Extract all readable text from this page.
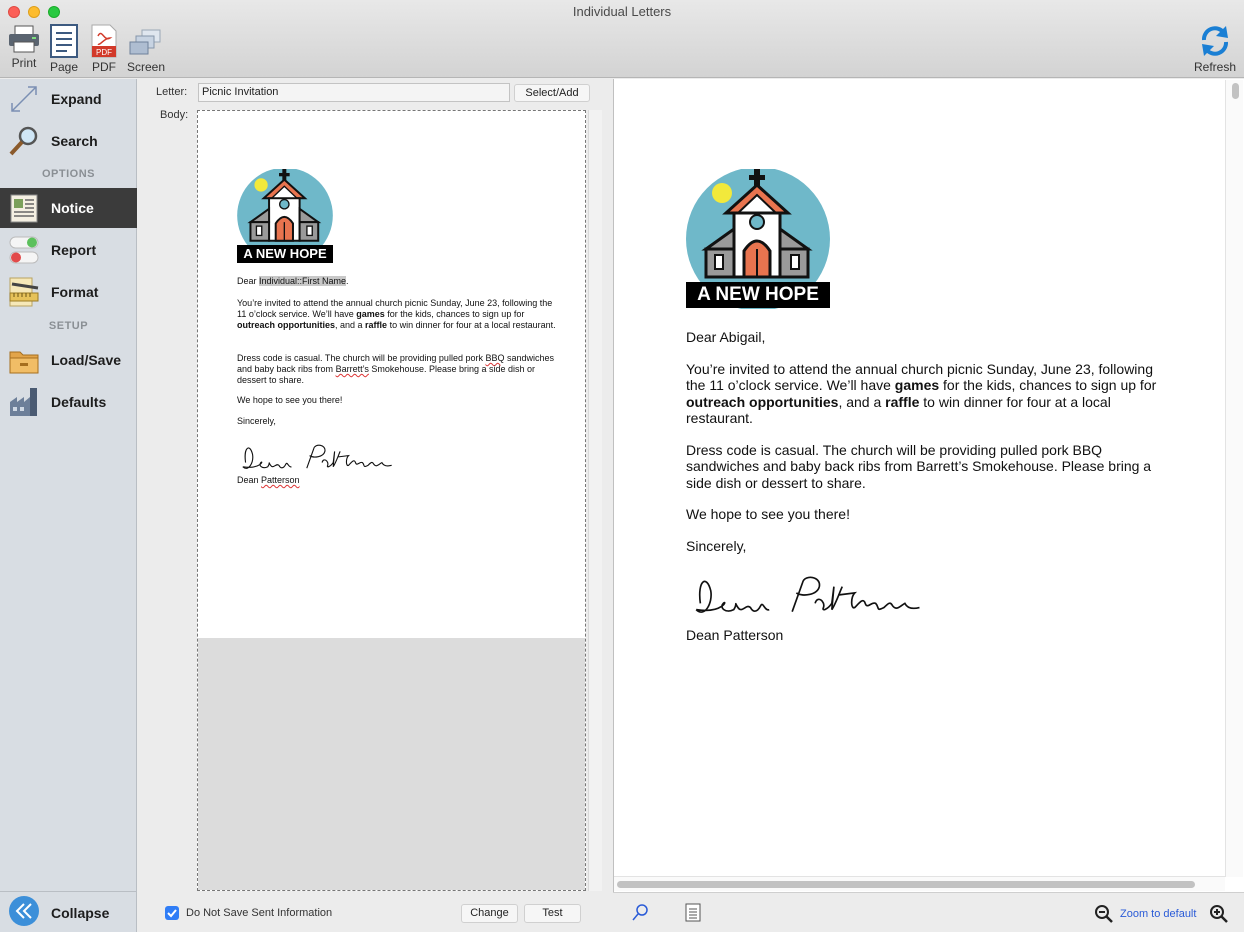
Individual Letters
Print	Page
PDF
PDF Screen	Refresh
Expand
Search
OPTIONS
Notice
Report
Format
SETUP
Load/Save
Defaults
Collapse
Letter:	Picnic Invitation	Select/Add
Body:
A NEW HOPE
Dear Individual::First Name.
You’re invited to attend the annual church picnic Sunday, June 23, following the 11 o’clock service. We’ll have games for the kids, chances to sign up for outreach opportunities, and a raffle to win dinner for four at a local restaurant.
Dress code is casual. The church will be providing pulled pork BBQ sandwiches and baby back ribs from Barrett’s Smokehouse. Please bring a side dish or dessert to share.
We hope to see you there!
Sincerely,
Dean Patterson
Do Not Save Sent Information	Change	Test
A NEW HOPE
Dear Abigail,
You’re invited to attend the annual church picnic Sunday, June 23, following the 11 o’clock service. We’ll have games for the kids, chances to sign up for outreach opportunities, and a raffle to win dinner for four at a local restaurant.
Dress code is casual. The church will be providing pulled pork BBQ sandwiches and baby back ribs from Barrett’s Smokehouse. Please bring a side dish or dessert to share.
We hope to see you there!
Sincerely,
Dean Patterson
Zoom to default
